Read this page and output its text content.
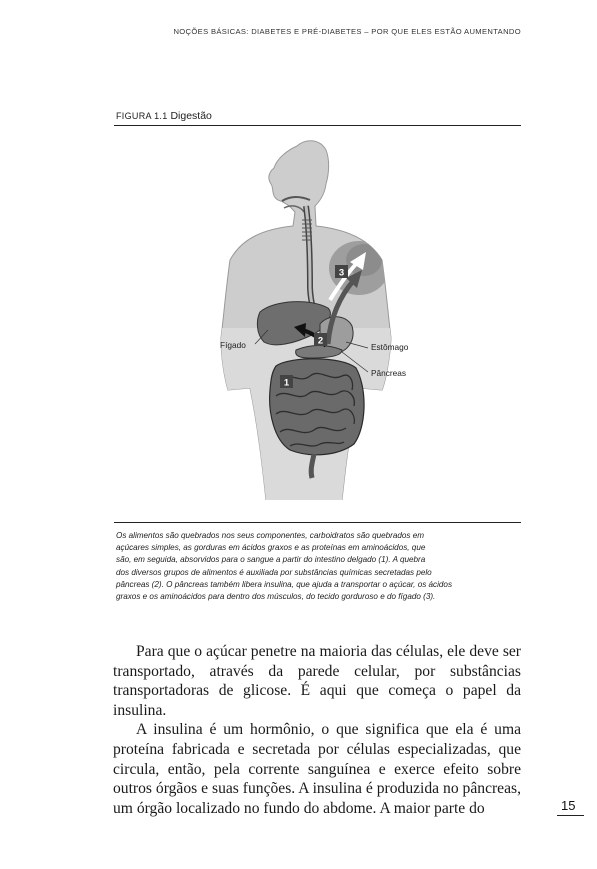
NOÇÕES BÁSICAS: DIABETES E PRÉ-DIABETES – POR QUE ELES ESTÃO AUMENTANDO
FIGURA 1.1 Digestão
1
2
3
Fígado	Estômago
Pâncreas
Os alimentos são quebrados nos seus componentes, carboidratos são quebrados em
açúcares simples, as gorduras em ácidos graxos e as proteínas em aminoácidos, que
são, em seguida, absorvidos para o sangue a partir do intestino delgado (1). A quebra
dos diversos grupos de alimentos é auxiliada por substâncias químicas secretadas pelo
pâncreas (2). O pâncreas também libera insulina, que ajuda a transportar o açúcar, os ácidos
graxos e os aminoácidos para dentro dos músculos, do tecido gorduroso e do fígado (3).

Para que o açúcar penetre na maioria das células, ele deve ser transportado, através da parede celular, por substâncias transportadoras de glicose. É aqui que começa o papel da insulina.

A insulina é um hormônio, o que significa que ela é uma proteína fabricada e secretada por células especializadas, que circula, então, pela corrente sanguínea e exerce efeito sobre outros órgãos e suas funções. A insulina é produzida no pâncreas, um órgão localizado no fundo do abdome. A maior parte do	15
